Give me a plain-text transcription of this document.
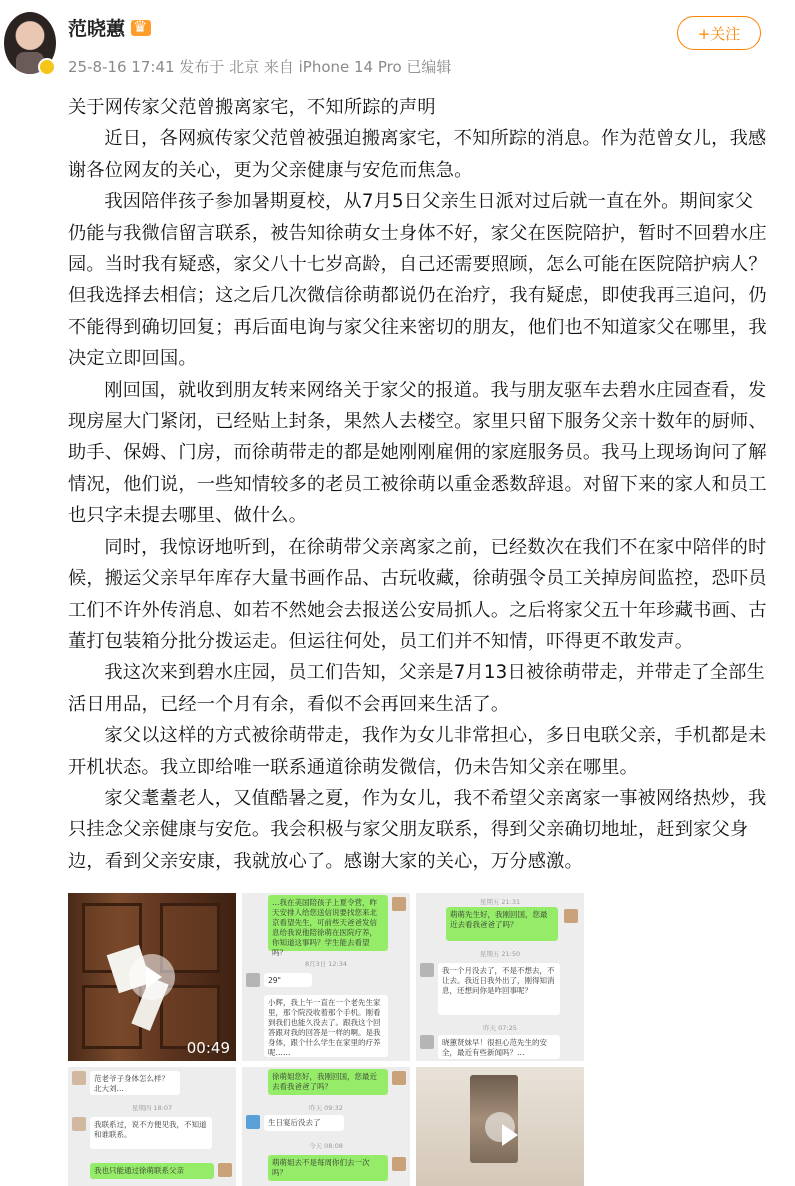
范晓蕙
♛
25-8-16 17:41 发布于 北京 来自 iPhone 14 Pro 已编辑
+关注

关于网传家父范曾搬离家宅，不知所踪的声明

近日，各网疯传家父范曾被强迫搬离家宅，不知所踪的消息。作为范曾女儿，我感谢各位网友的关心，更为父亲健康与安危而焦急。

我因陪伴孩子参加暑期夏校，从7月5日父亲生日派对过后就一直在外。期间家父仍能与我微信留言联系，被告知徐萌女士身体不好，家父在医院陪护，暂时不回碧水庄园。当时我有疑惑，家父八十七岁高龄，自己还需要照顾，怎么可能在医院陪护病人？但我选择去相信；这之后几次微信徐萌都说仍在治疗，我有疑虑，即使我再三追问，仍不能得到确切回复；再后面电询与家父往来密切的朋友，他们也不知道家父在哪里，我决定立即回国。

刚回国，就收到朋友转来网络关于家父的报道。我与朋友驱车去碧水庄园查看，发现房屋大门紧闭，已经贴上封条，果然人去楼空。家里只留下服务父亲十数年的厨师、助手、保姆、门房，而徐萌带走的都是她刚刚雇佣的家庭服务员。我马上现场询问了解情况，他们说，一些知情较多的老员工被徐萌以重金悉数辞退。对留下来的家人和员工也只字未提去哪里、做什么。

同时，我惊讶地听到，在徐萌带父亲离家之前，已经数次在我们不在家中陪伴的时候，搬运父亲早年库存大量书画作品、古玩收藏，徐萌强令员工关掉房间监控，恐吓员工们不许外传消息、如若不然她会去报送公安局抓人。之后将家父五十年珍藏书画、古董打包装箱分批分拨运走。但运往何处，员工们并不知情，吓得更不敢发声。

我这次来到碧水庄园，员工们告知，父亲是7月13日被徐萌带走，并带走了全部生活日用品，已经一个月有余，看似不会再回来生活了。

家父以这样的方式被徐萌带走，我作为女儿非常担心，多日电联父亲，手机都是未开机状态。我立即给唯一联系通道徐萌发微信，仍未告知父亲在哪里。

家父耄耋老人，又值酷暑之夏，作为女儿，我不希望父亲离家一事被网络热炒，我只挂念父亲健康与安危。我会积极与家父朋友联系，得到父亲确切地址，赶到家父身边，看到父亲安康，我就放心了。感谢大家的关心，万分感激。

00:49
…我在美国陪孩子上夏令营，昨天安排人给您送信说要找您来北京看望先生，可前些天爸爸发信息给我说他陪徐萌在医院疗养，你知道这事吗？学生能去看望吗？
8月3日 12:34
29"
小辉，我上午一直在一个老先生家里，那个院没收着那个手机。刚看到我们也能久没去了。跟我这个回答跟对我的回答是一样的啊。是我身体，跟个什么学生在家里的疗养呢……
星期五 21:31
萌萌先生好，我刚回国，您最近去看我爸爸了吗？
星期五 21:50
我一个月没去了，不是不想去，不让去。我近日我外出了，刚得知消息，还想问你是咋回事呢？
昨天 07:25
晓蕙贤妹早！很担心范先生的安全，最近有些新闻吗？…
范老爷子身体怎么样？北大刘…
星期四 18:07
我联系过，说不方便见我，不知道和谁联系。
我也只能通过徐萌联系父亲
徐萌姐您好，我刚回国，您最近去看我爸爸了吗？
昨天 09:32
生日宴后没去了
今天 08:08
萌萌姐去不是每周你们去一次吗？
